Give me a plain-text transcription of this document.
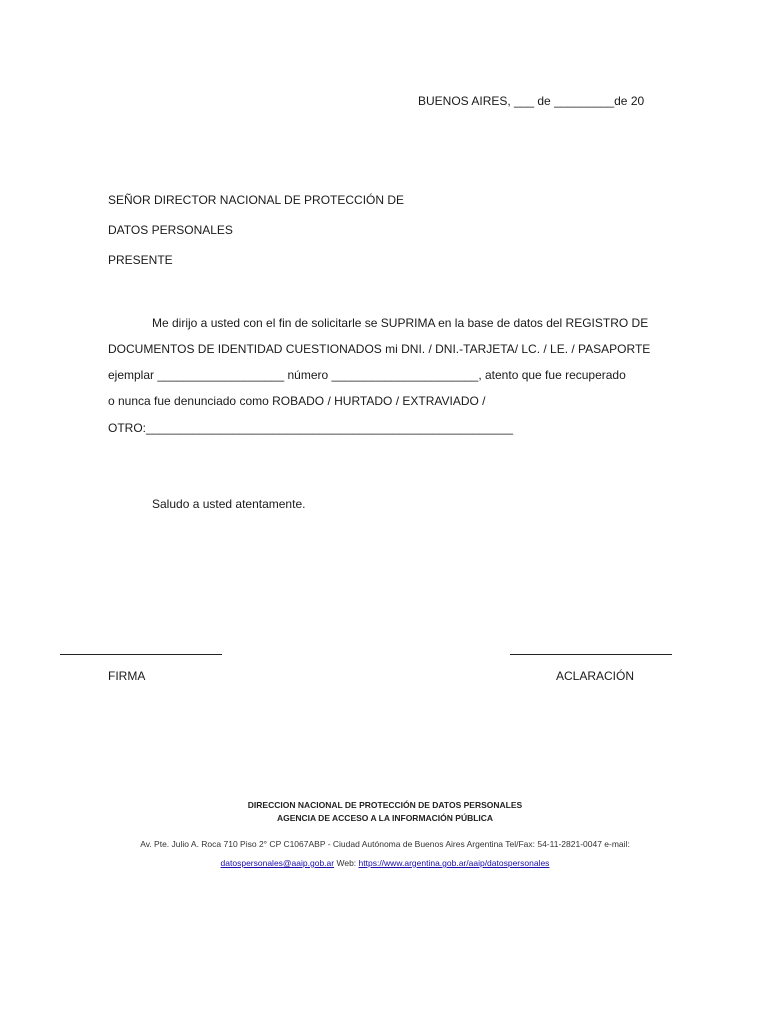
BUENOS AIRES, ___ de _________de 20
SEÑOR DIRECTOR NACIONAL DE PROTECCIÓN DE
DATOS PERSONALES
PRESENTE
Me dirijo a usted con el fin de solicitarle se SUPRIMA en la base de datos del REGISTRO DE
DOCUMENTOS DE IDENTIDAD CUESTIONADOS mi DNI. / DNI.-TARJETA/ LC. / LE. / PASAPORTE
ejemplar ___________________ número ______________________, atento que fue recuperado
o nunca fue denunciado como ROBADO / HURTADO / EXTRAVIADO /
OTRO:_______________________________________________________
Saludo a usted atentamente.
FIRMA	ACLARACIÓN
DIRECCION NACIONAL DE PROTECCIÓN DE DATOS PERSONALES
AGENCIA DE ACCESO A LA INFORMACIÓN PÚBLICA
Av. Pte. Julio A. Roca 710 Piso 2° CP C1067ABP - Ciudad Autónoma de Buenos Aires Argentina Tel/Fax: 54-11-2821-0047 e-mail:
datospersonales@aaip.gob.ar Web: https://www.argentina.gob.ar/aaip/datospersonales
